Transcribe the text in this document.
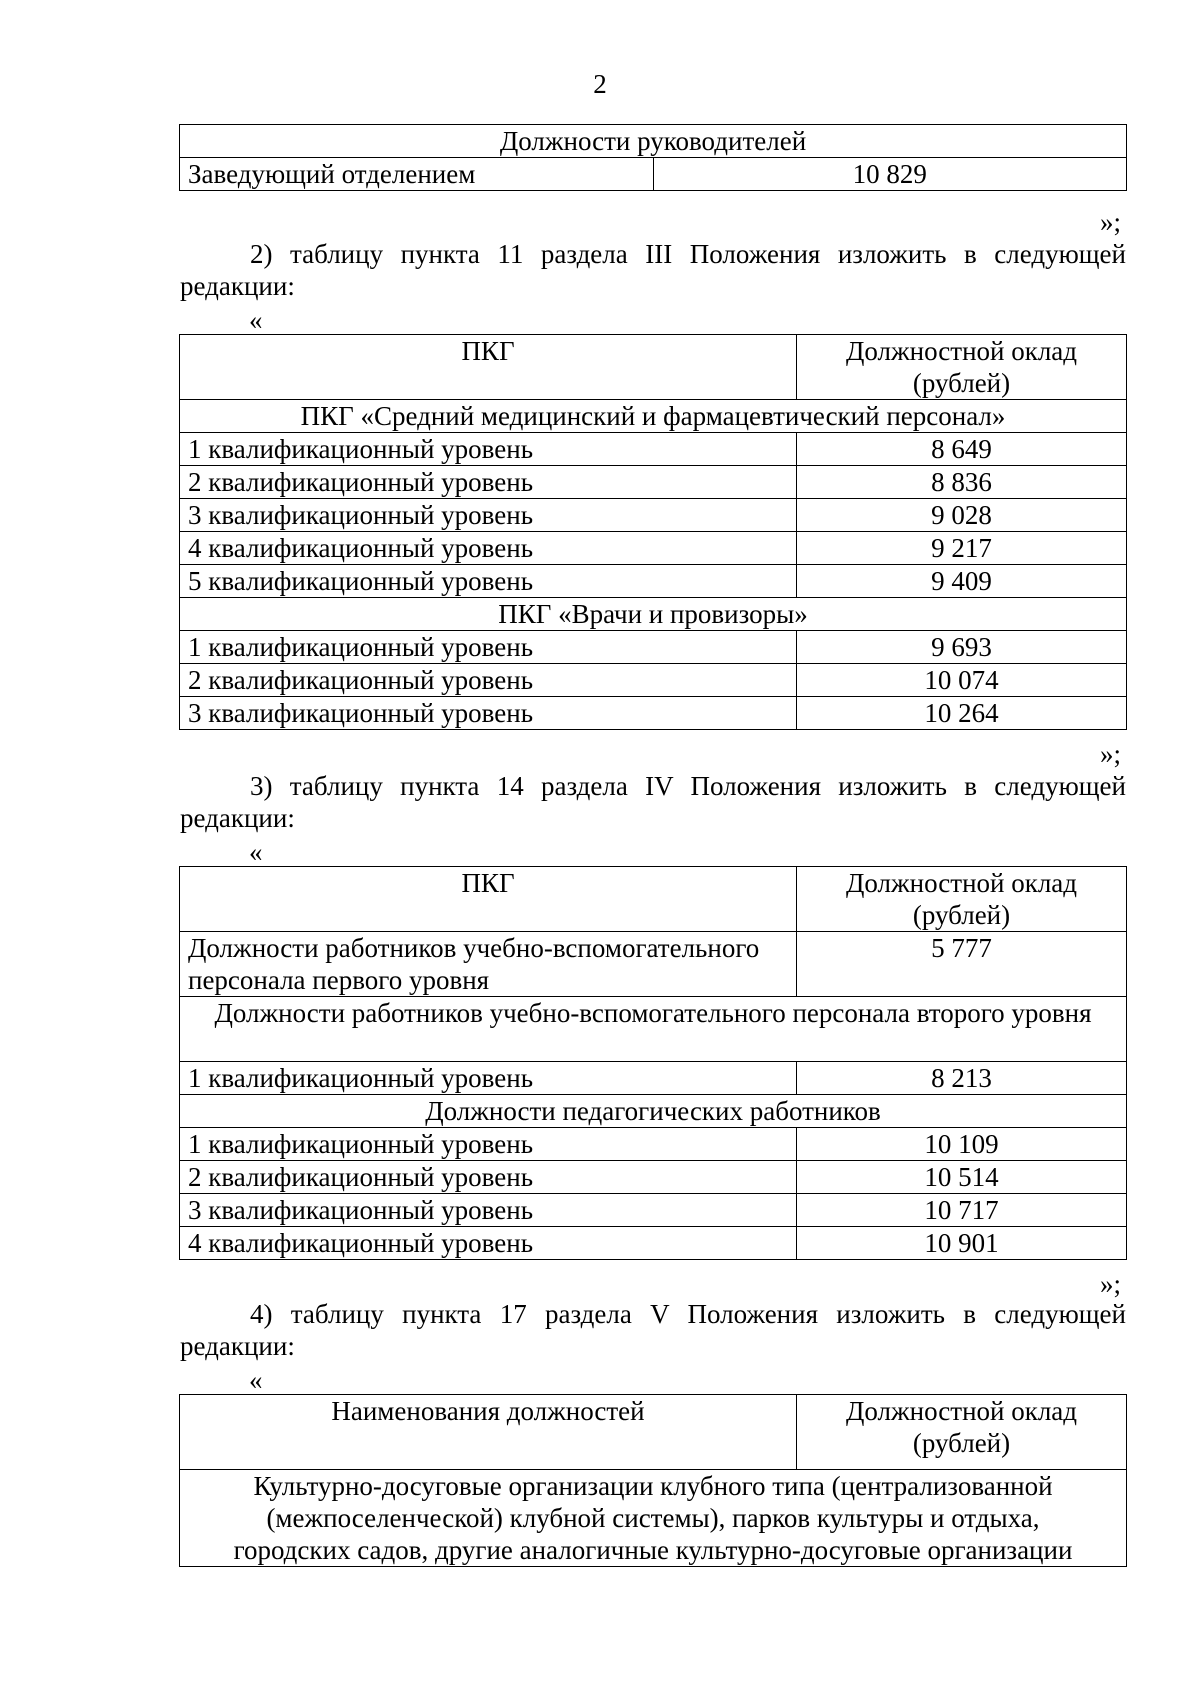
2
Должности руководителей
Заведующий отделением	10 829
»;
2) таблицу пункта 11 раздела III Положения изложить в следующей
редакции:
«
ПКГ	Должностной оклад (рублей)
ПКГ «Средний медицинский и фармацевтический персонал»	
1 квалификационный уровень	8 649
2 квалификационный уровень	8 836
3 квалификационный уровень	9 028
4 квалификационный уровень	9 217
5 квалификационный уровень	9 409
ПКГ «Врачи и провизоры»	
1 квалификационный уровень	9 693
2 квалификационный уровень	10 074
3 квалификационный уровень	10 264
»;
3) таблицу пункта 14 раздела IV Положения изложить в следующей
редакции:
«
ПКГ	Должностной оклад (рублей)
Должности работников учебно-вспомогательного персонала первого уровня	5 777
Должности работников учебно-вспомогательного персонала второго уровня	
1 квалификационный уровень	8 213
Должности педагогических работников	
1 квалификационный уровень	10 109
2 квалификационный уровень	10 514
3 квалификационный уровень	10 717
4 квалификационный уровень	10 901
»;
4) таблицу пункта 17 раздела V Положения изложить в следующей
редакции:
«
Наименования должностей	Должностной оклад (рублей)
Культурно-досуговые организации клубного типа (централизованной (межпоселенческой) клубной системы), парков культуры и отдыха, городских садов, другие аналогичные культурно-досуговые организации
